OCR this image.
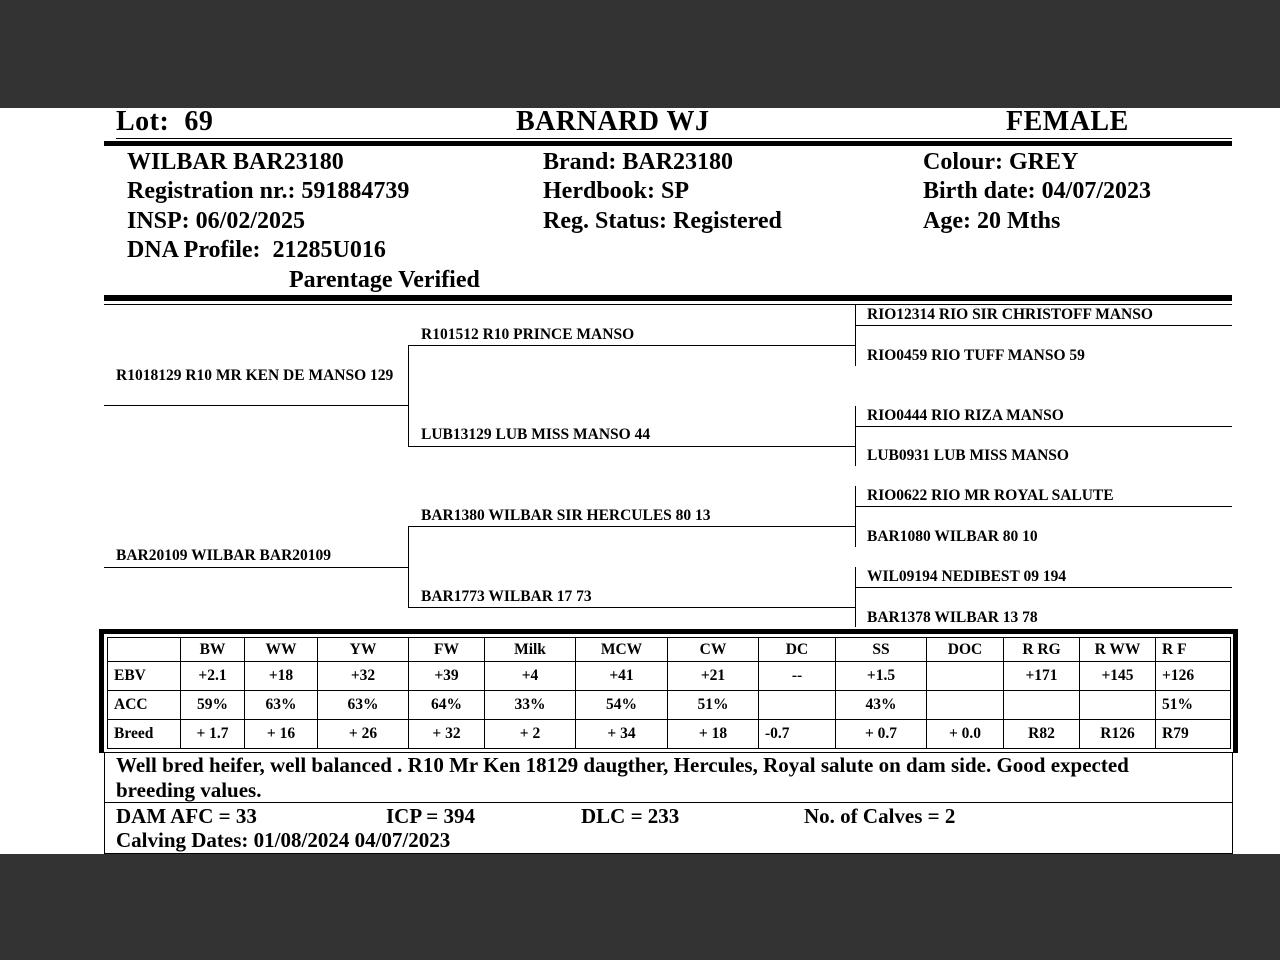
Lot: 69	BARNARD WJ	FEMALE
WILBAR BAR23180
Registration nr.: 591884739
INSP: 06/02/2025
DNA Profile: 21285U016
Parentage Verified
Brand: BAR23180
Herdbook: SP
Reg. Status: Registered
Colour: GREY
Birth date: 04/07/2023
Age: 20 Mths
R1018129 R10 MR KEN DE MANSO 129
BAR20109 WILBAR BAR20109
R101512 R10 PRINCE MANSO
LUB13129 LUB MISS MANSO 44
BAR1380 WILBAR SIR HERCULES 80 13
BAR1773 WILBAR 17 73
RIO12314 RIO SIR CHRISTOFF MANSO
RIO0459 RIO TUFF MANSO 59
RIO0444 RIO RIZA MANSO
LUB0931 LUB MISS MANSO
RIO0622 RIO MR ROYAL SALUTE
BAR1080 WILBAR 80 10
WIL09194 NEDIBEST 09 194
BAR1378 WILBAR 13 78
	BW	WW	YW	FW	Milk	MCW	CW	DC	SS	DOC	R RG	R WW	R F
EBV	+2.1	+18	+32	+39	+4	+41	+21	--	+1.5		+171	+145	+126
ACC	59%	63%	63%	64%	33%	54%	51%		43%				51%
Breed	+ 1.7	+ 16	+ 26	+ 32	+ 2	+ 34	+ 18	-0.7	+ 0.7	+ 0.0	R82	R126	R79
Well bred heifer, well balanced . R10 Mr Ken 18129 daugther, Hercules, Royal salute on dam side. Good expected
breeding values.
DAM AFC = 33	ICP = 394	DLC = 233	No. of Calves = 2
Calving Dates: 01/08/2024 04/07/2023
